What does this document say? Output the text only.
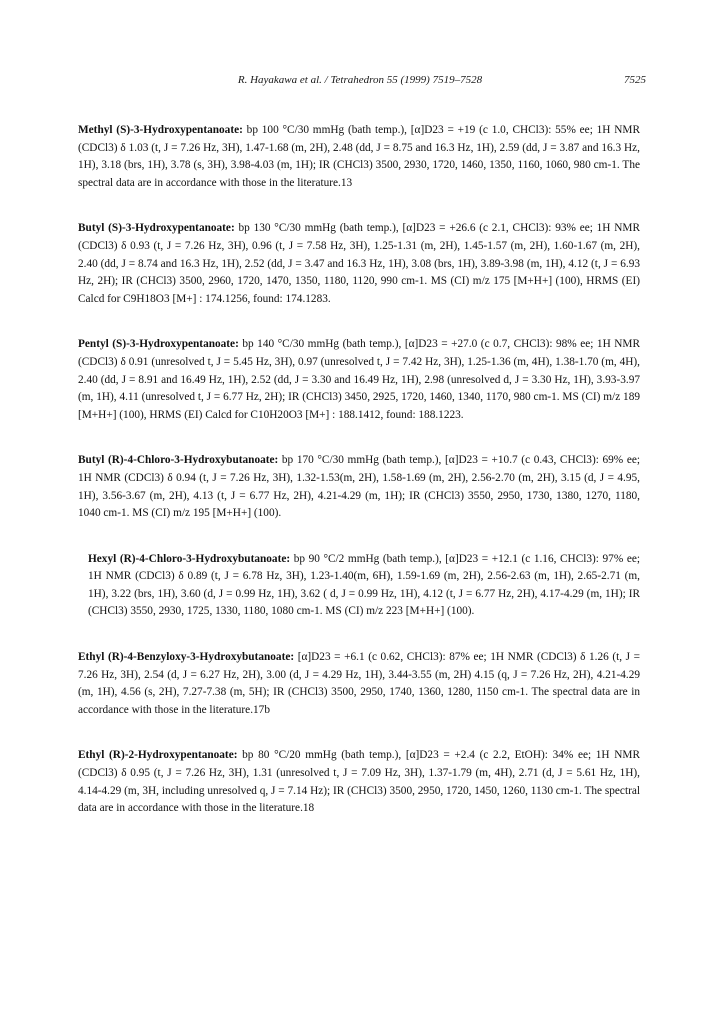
R. Hayakawa et al. / Tetrahedron 55 (1999) 7519–7528	7525

Methyl (S)-3-Hydroxypentanoate: bp 100 °C/30 mmHg (bath temp.), [α]D23 = +19 (c 1.0, CHCl3): 55% ee; 1H NMR (CDCl3) δ 1.03 (t, J = 7.26 Hz, 3H), 1.47-1.68 (m, 2H), 2.48 (dd, J = 8.75 and 16.3 Hz, 1H), 2.59 (dd, J = 3.87 and 16.3 Hz, 1H), 3.18 (brs, 1H), 3.78 (s, 3H), 3.98-4.03 (m, 1H); IR (CHCl3) 3500, 2930, 1720, 1460, 1350, 1160, 1060, 980 cm-1. The spectral data are in accordance with those in the literature.13

Butyl (S)-3-Hydroxypentanoate: bp 130 °C/30 mmHg (bath temp.), [α]D23 = +26.6 (c 2.1, CHCl3): 93% ee; 1H NMR (CDCl3) δ 0.93 (t, J = 7.26 Hz, 3H), 0.96 (t, J = 7.58 Hz, 3H), 1.25-1.31 (m, 2H), 1.45-1.57 (m, 2H), 1.60-1.67 (m, 2H), 2.40 (dd, J = 8.74 and 16.3 Hz, 1H), 2.52 (dd, J = 3.47 and 16.3 Hz, 1H), 3.08 (brs, 1H), 3.89-3.98 (m, 1H), 4.12 (t, J = 6.93 Hz, 2H); IR (CHCl3) 3500, 2960, 1720, 1470, 1350, 1180, 1120, 990 cm-1. MS (CI) m/z 175 [M+H+] (100), HRMS (EI) Calcd for C9H18O3 [M+] : 174.1256, found: 174.1283.

Pentyl (S)-3-Hydroxypentanoate: bp 140 °C/30 mmHg (bath temp.), [α]D23 = +27.0 (c 0.7, CHCl3): 98% ee; 1H NMR (CDCl3) δ 0.91 (unresolved t, J = 5.45 Hz, 3H), 0.97 (unresolved t, J = 7.42 Hz, 3H), 1.25-1.36 (m, 4H), 1.38-1.70 (m, 4H), 2.40 (dd, J = 8.91 and 16.49 Hz, 1H), 2.52 (dd, J = 3.30 and 16.49 Hz, 1H), 2.98 (unresolved d, J = 3.30 Hz, 1H), 3.93-3.97 (m, 1H), 4.11 (unresolved t, J = 6.77 Hz, 2H); IR (CHCl3) 3450, 2925, 1720, 1460, 1340, 1170, 980 cm-1. MS (CI) m/z 189 [M+H+] (100), HRMS (EI) Calcd for C10H20O3 [M+] : 188.1412, found: 188.1223.

Butyl (R)-4-Chloro-3-Hydroxybutanoate: bp 170 °C/30 mmHg (bath temp.), [α]D23 = +10.7 (c 0.43, CHCl3): 69% ee; 1H NMR (CDCl3) δ 0.94 (t, J = 7.26 Hz, 3H), 1.32-1.53(m, 2H), 1.58-1.69 (m, 2H), 2.56-2.70 (m, 2H), 3.15 (d, J = 4.95, 1H), 3.56-3.67 (m, 2H), 4.13 (t, J = 6.77 Hz, 2H), 4.21-4.29 (m, 1H); IR (CHCl3) 3550, 2950, 1730, 1380, 1270, 1180, 1040 cm-1. MS (CI) m/z 195 [M+H+] (100).

Hexyl (R)-4-Chloro-3-Hydroxybutanoate: bp 90 °C/2 mmHg (bath temp.), [α]D23 = +12.1 (c 1.16, CHCl3): 97% ee; 1H NMR (CDCl3) δ 0.89 (t, J = 6.78 Hz, 3H), 1.23-1.40(m, 6H), 1.59-1.69 (m, 2H), 2.56-2.63 (m, 1H), 2.65-2.71 (m, 1H), 3.22 (brs, 1H), 3.60 (d, J = 0.99 Hz, 1H), 3.62 ( d, J = 0.99 Hz, 1H), 4.12 (t, J = 6.77 Hz, 2H), 4.17-4.29 (m, 1H); IR (CHCl3) 3550, 2930, 1725, 1330, 1180, 1080 cm-1. MS (CI) m/z 223 [M+H+] (100).

Ethyl (R)-4-Benzyloxy-3-Hydroxybutanoate: [α]D23 = +6.1 (c 0.62, CHCl3): 87% ee; 1H NMR (CDCl3) δ 1.26 (t, J = 7.26 Hz, 3H), 2.54 (d, J = 6.27 Hz, 2H), 3.00 (d, J = 4.29 Hz, 1H), 3.44-3.55 (m, 2H) 4.15 (q, J = 7.26 Hz, 2H), 4.21-4.29 (m, 1H), 4.56 (s, 2H), 7.27-7.38 (m, 5H); IR (CHCl3) 3500, 2950, 1740, 1360, 1280, 1150 cm-1. The spectral data are in accordance with those in the literature.17b

Ethyl (R)-2-Hydroxypentanoate: bp 80 °C/20 mmHg (bath temp.), [α]D23 = +2.4 (c 2.2, EtOH): 34% ee; 1H NMR (CDCl3) δ 0.95 (t, J = 7.26 Hz, 3H), 1.31 (unresolved t, J = 7.09 Hz, 3H), 1.37-1.79 (m, 4H), 2.71 (d, J = 5.61 Hz, 1H), 4.14-4.29 (m, 3H, including unresolved q, J = 7.14 Hz); IR (CHCl3) 3500, 2950, 1720, 1450, 1260, 1130 cm-1. The spectral data are in accordance with those in the literature.18
